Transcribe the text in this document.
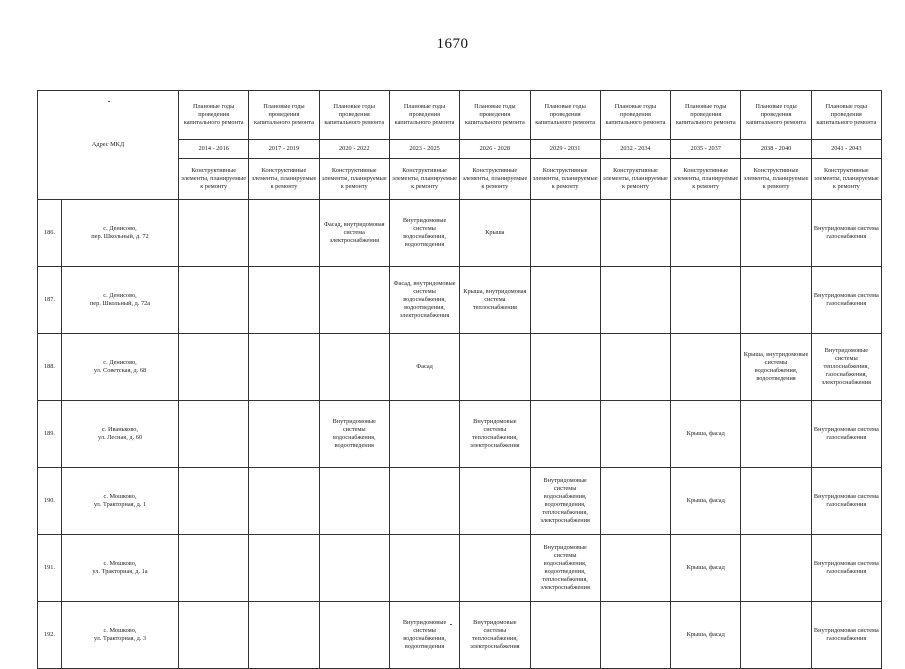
1670
Адрес МКД		Плановые годы проведения капитального ремонта	Плановые годы проведения капитального ремонта	Плановые годы проведения капитального ремонта	Плановые годы проведения капитального ремонта	Плановые годы проведения капитального ремонта	Плановые годы проведения капитального ремонта	Плановые годы проведения капитального ремонта	Плановые годы проведения капитального ремонта	Плановые годы проведения капитального ремонта	Плановые годы проведения капитального ремонта
		2014 - 2016	2017 - 2019	2020 - 2022	2023 - 2025	2026 - 2028	2029 - 2031	2032 - 2034	2035 - 2037	2038 - 2040	2041 - 2043
		Конструктивные элементы, планируемые к ремонту	Конструктивные элементы, планируемые к ремонту	Конструктивные элементы, планируемые к ремонту	Конструктивные элементы, планируемые к ремонту	Конструктивные элементы, планируемые к ремонту	Конструктивные элементы, планируемые к ремонту	Конструктивные элементы, планируемые к ремонту	Конструктивные элементы, планируемые к ремонту	Конструктивные элементы, планируемые к ремонту	Конструктивные элементы, планируемые к ремонту
186.	с. Денисово,
пер. Школьный, д. 72			Фасад, внутридомовая система электроснабжения	Внутридомовые системы водоснабжения, водоотведения	Крыша					Внутридомовая система газоснабжения
187.	с. Денисово,
пер. Школьный, д. 72а				Фасад, внутридомовые системы водоснабжения, водоотведения, электроснабжения	Крыша, внутридомовая система теплоснабжения					Внутридомовая система газоснабжения
188.	с. Денисово,
ул. Советская, д. 68				Фасад					Крыша, внутридомовые системы водоснабжения, водоотведения	Внутридомовые системы теплоснабжения, газоснабжения, электроснабжения
189.	с. Иваньково,
ул. Лесная, д. 60			Внутридомовые системы водоснабжения, водоотведения		Внутридомовые системы теплоснабжения, электроснабжения			Крыша, фасад		Внутридомовая система газоснабжения
190.	с. Мошково,
ул. Тракторная, д. 1						Внутридомовые системы водоснабжения, водоотведения, теплоснабжения, электроснабжения		Крыша, фасад		Внутридомовая система газоснабжения
191.	с. Мошково,
ул. Тракторная, д. 1а						Внутридомовые системы водоснабжения, водоотведения, теплоснабжения, электроснабжения		Крыша, фасад		Внутридомовая система газоснабжения
192.	с. Мошково,
ул. Тракторная, д. 3				Внутридомовые системы водоснабжения, водоотведения	Внутридомовые системы теплоснабжения, электроснабжения			Крыша, фасад		Внутридомовая система газоснабжения
